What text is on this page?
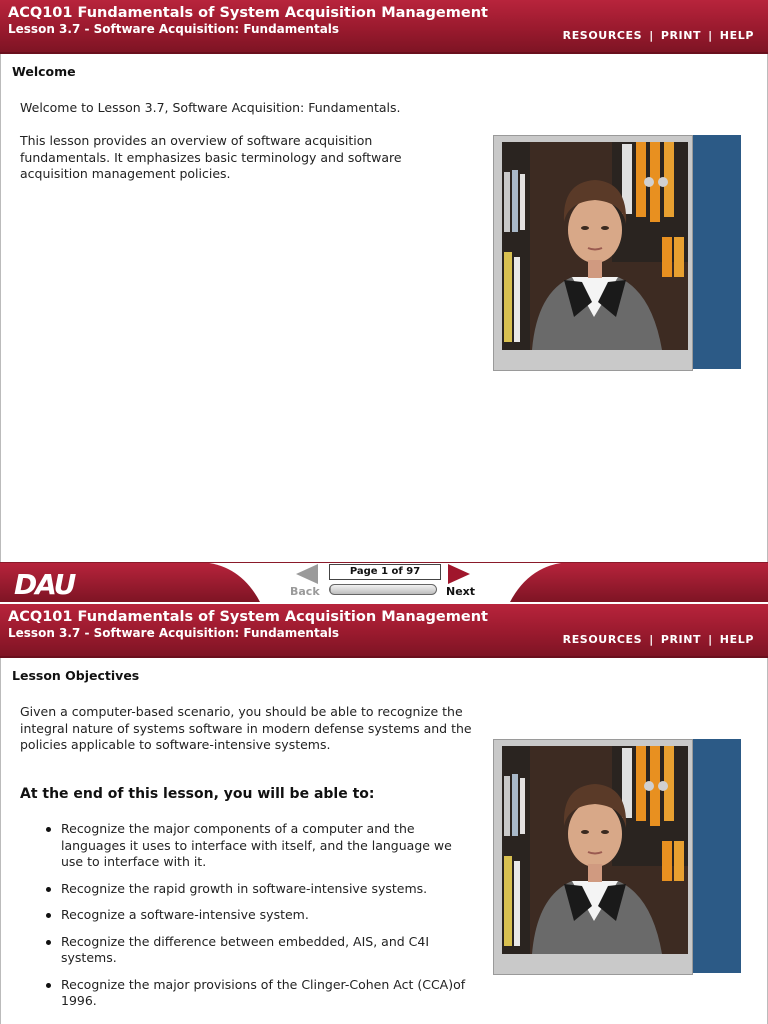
ACQ101 Fundamentals of System Acquisition Management
Lesson 3.7 - Software Acquisition: Fundamentals	RESOURCES | PRINT | HELP
Welcome
Welcome to Lesson 3.7, Software Acquisition: Fundamentals.
This lesson provides an overview of software acquisition fundamentals. It emphasizes basic terminology and software acquisition management policies.
DAU	Back
Page 1 of 97
Next
ACQ101 Fundamentals of System Acquisition Management
Lesson 3.7 - Software Acquisition: Fundamentals	RESOURCES | PRINT | HELP
Lesson Objectives
Given a computer-based scenario, you should be able to recognize the integral nature of systems software in modern defense systems and the policies applicable to software-intensive systems.
At the end of this lesson, you will be able to:
Recognize the major components of a computer and the languages it uses to interface with itself, and the language we use to interface with it.
Recognize the rapid growth in software-intensive systems.
Recognize a software-intensive system.
Recognize the difference between embedded, AIS, and C4I systems.
Recognize the major provisions of the Clinger-Cohen Act (CCA)of 1996.
